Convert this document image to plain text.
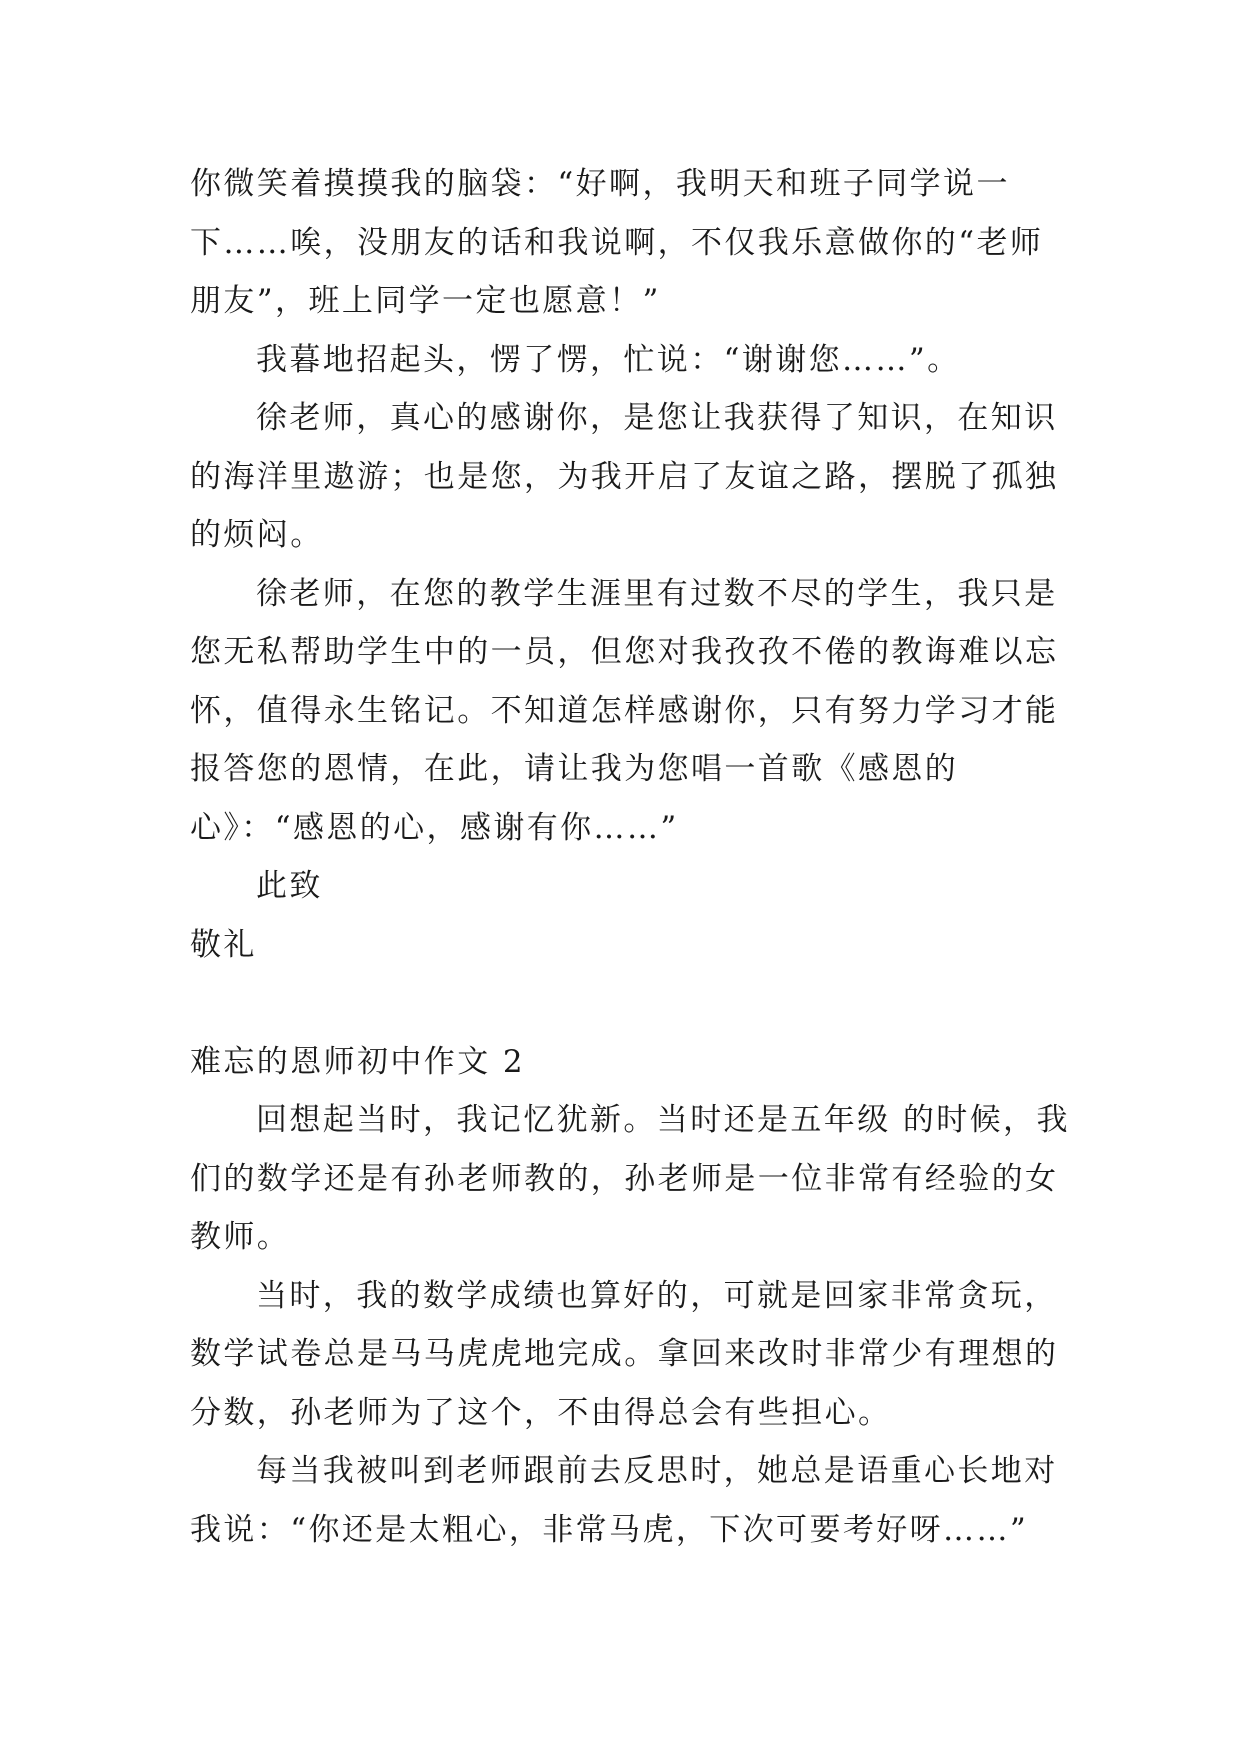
你微笑着摸摸我的脑袋：“好啊，我明天和班子同学说一下……唉，没朋友的话和我说啊，不仅我乐意做你的“老师朋友”，班上同学一定也愿意！”

我暮地招起头，愣了愣，忙说：“谢谢您……”。

徐老师，真心的感谢你，是您让我获得了知识，在知识的海洋里遨游；也是您，为我开启了友谊之路，摆脱了孤独的烦闷。

徐老师，在您的教学生涯里有过数不尽的学生，我只是您无私帮助学生中的一员，但您对我孜孜不倦的教诲难以忘怀，值得永生铭记。不知道怎样感谢你，只有努力学习才能报答您的恩情，在此，请让我为您唱一首歌《感恩的心》：“感恩的心，感谢有你……”

此致

敬礼

难忘的恩师初中作文 2

回想起当时，我记忆犹新。当时还是五年级 的时候，我们的数学还是有孙老师教的，孙老师是一位非常有经验的女教师。

当时，我的数学成绩也算好的，可就是回家非常贪玩，数学试卷总是马马虎虎地完成。拿回来改时非常少有理想的分数，孙老师为了这个，不由得总会有些担心。

每当我被叫到老师跟前去反思时，她总是语重心长地对我说：“你还是太粗心，非常马虎，下次可要考好呀……”
